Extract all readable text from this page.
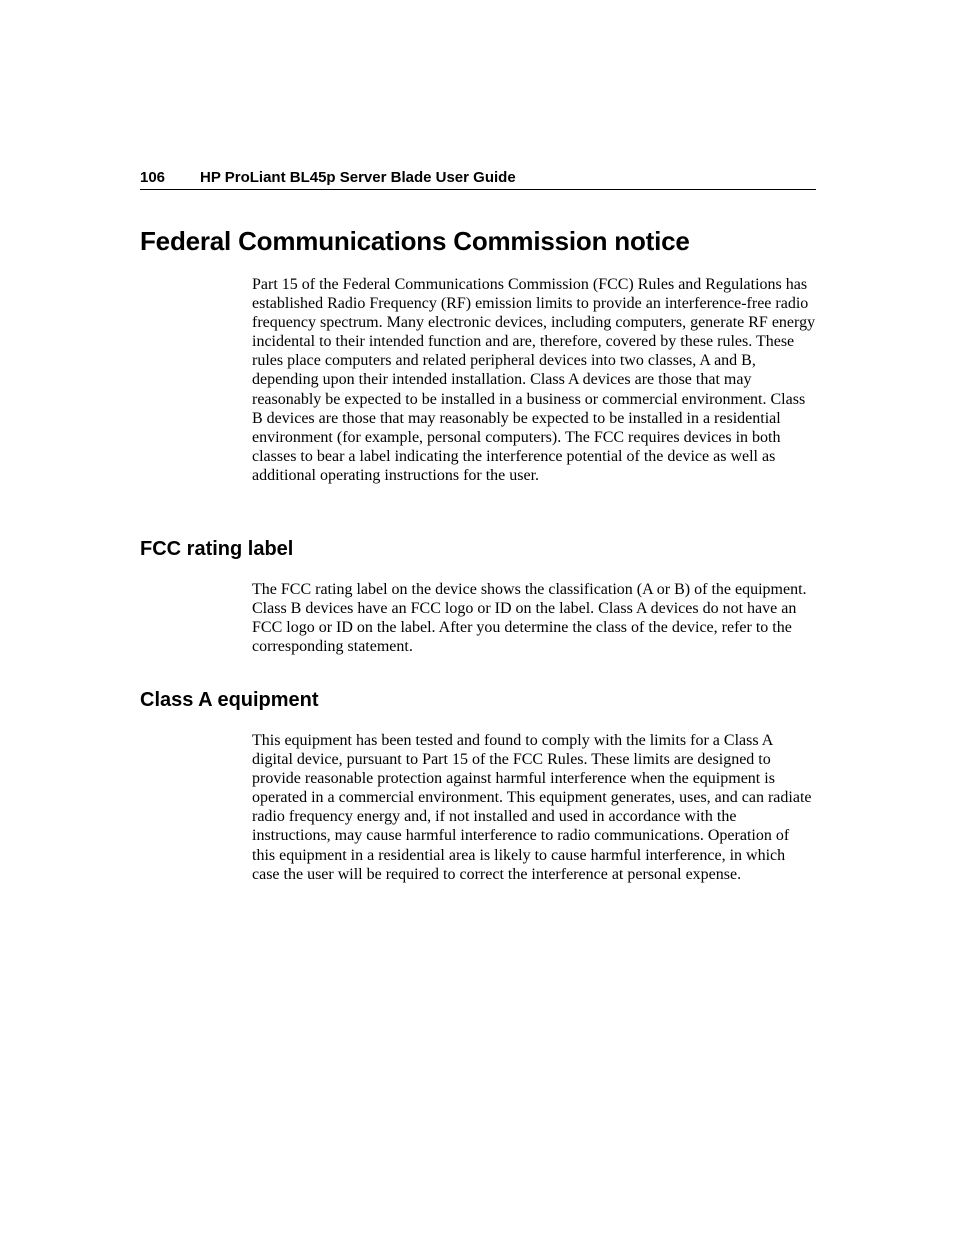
106 HP ProLiant BL45p Server Blade User Guide
Federal Communications Commission notice

Part 15 of the Federal Communications Commission (FCC) Rules and Regulations has established Radio Frequency (RF) emission limits to provide an interference-free radio frequency spectrum. Many electronic devices, including computers, generate RF energy incidental to their intended function and are, therefore, covered by these rules. These rules place computers and related peripheral devices into two classes, A and B, depending upon their intended installation. Class A devices are those that may reasonably be expected to be installed in a business or commercial environment. Class B devices are those that may reasonably be expected to be installed in a residential environment (for example, personal computers). The FCC requires devices in both classes to bear a label indicating the interference potential of the device as well as additional operating instructions for the user.

FCC rating label

The FCC rating label on the device shows the classification (A or B) of the equipment. Class B devices have an FCC logo or ID on the label. Class A devices do not have an FCC logo or ID on the label. After you determine the class of the device, refer to the corresponding statement.

Class A equipment

This equipment has been tested and found to comply with the limits for a Class A digital device, pursuant to Part 15 of the FCC Rules. These limits are designed to provide reasonable protection against harmful interference when the equipment is operated in a commercial environment. This equipment generates, uses, and can radiate radio frequency energy and, if not installed and used in accordance with the instructions, may cause harmful interference to radio communications. Operation of this equipment in a residential area is likely to cause harmful interference, in which case the user will be required to correct the interference at personal expense.
